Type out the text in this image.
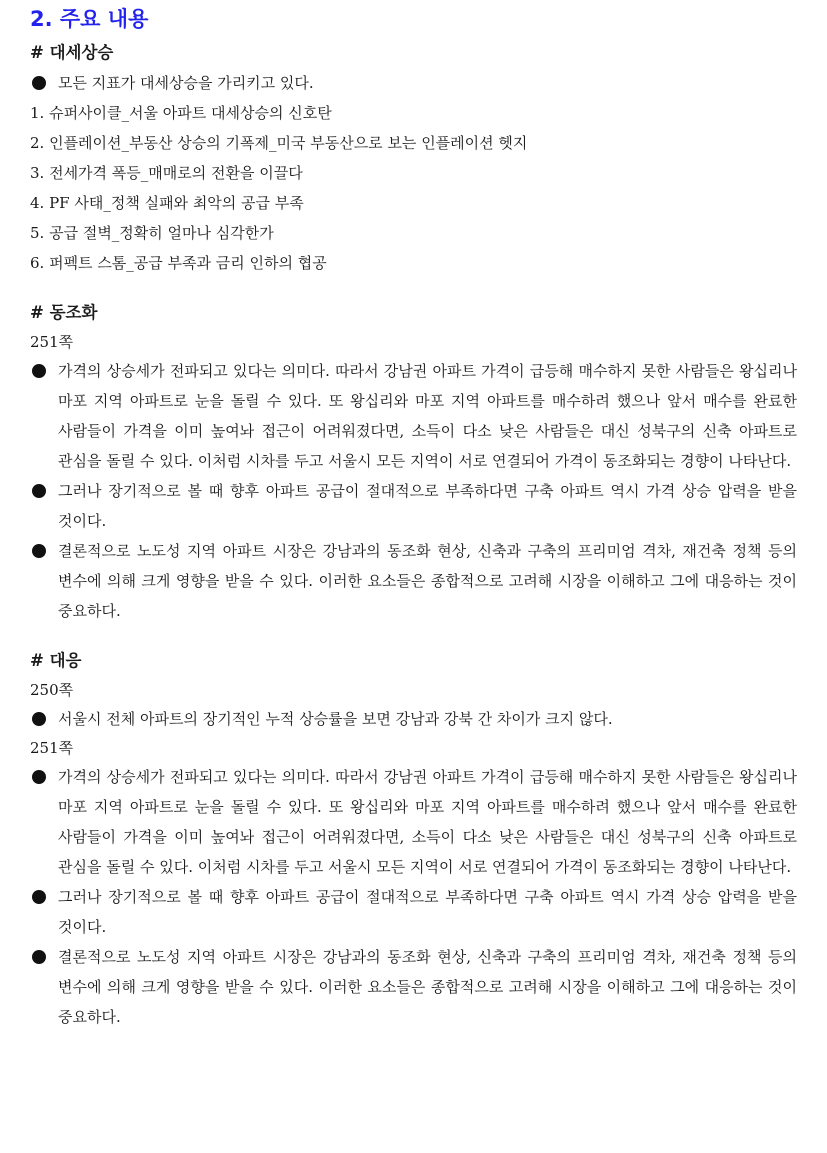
2. 주요 내용
# 대세상승
모든 지표가 대세상승을 가리키고 있다.
1. 슈퍼사이클_서울 아파트 대세상승의 신호탄
2. 인플레이션_부동산 상승의 기폭제_미국 부동산으로 보는 인플레이션 헷지
3. 전세가격 폭등_매매로의 전환을 이끌다
4. PF 사태_정책 실패와 최악의 공급 부족
5. 공급 절벽_정확히 얼마나 심각한가
6. 퍼펙트 스톰_공급 부족과 금리 인하의 협공
# 동조화
251쪽
가격의 상승세가 전파되고 있다는 의미다. 따라서 강남권 아파트 가격이 급등해 매수하지 못한 사람들은 왕십리나 마포 지역 아파트로 눈을 돌릴 수 있다. 또 왕십리와 마포 지역 아파트를 매수하려 했으나 앞서 매수를 완료한 사람들이 가격을 이미 높여놔 접근이 어려워졌다면, 소득이 다소 낮은 사람들은 대신 성북구의 신축 아파트로 관심을 돌릴 수 있다. 이처럼 시차를 두고 서울시 모든 지역이 서로 연결되어 가격이 동조화되는 경향이 나타난다.
그러나 장기적으로 볼 때 향후 아파트 공급이 절대적으로 부족하다면 구축 아파트 역시 가격 상승 압력을 받을 것이다.
결론적으로 노도성 지역 아파트 시장은 강남과의 동조화 현상, 신축과 구축의 프리미엄 격차, 재건축 정책 등의 변수에 의해 크게 영향을 받을 수 있다. 이러한 요소들은 종합적으로 고려해 시장을 이해하고 그에 대응하는 것이 중요하다.
# 대응
250쪽
서울시 전체 아파트의 장기적인 누적 상승률을 보면 강남과 강북 간 차이가 크지 않다.
251쪽
가격의 상승세가 전파되고 있다는 의미다. 따라서 강남권 아파트 가격이 급등해 매수하지 못한 사람들은 왕십리나 마포 지역 아파트로 눈을 돌릴 수 있다. 또 왕십리와 마포 지역 아파트를 매수하려 했으나 앞서 매수를 완료한 사람들이 가격을 이미 높여놔 접근이 어려워졌다면, 소득이 다소 낮은 사람들은 대신 성북구의 신축 아파트로 관심을 돌릴 수 있다. 이처럼 시차를 두고 서울시 모든 지역이 서로 연결되어 가격이 동조화되는 경향이 나타난다.
그러나 장기적으로 볼 때 향후 아파트 공급이 절대적으로 부족하다면 구축 아파트 역시 가격 상승 압력을 받을 것이다.
결론적으로 노도성 지역 아파트 시장은 강남과의 동조화 현상, 신축과 구축의 프리미엄 격차, 재건축 정책 등의 변수에 의해 크게 영향을 받을 수 있다. 이러한 요소들은 종합적으로 고려해 시장을 이해하고 그에 대응하는 것이 중요하다.
